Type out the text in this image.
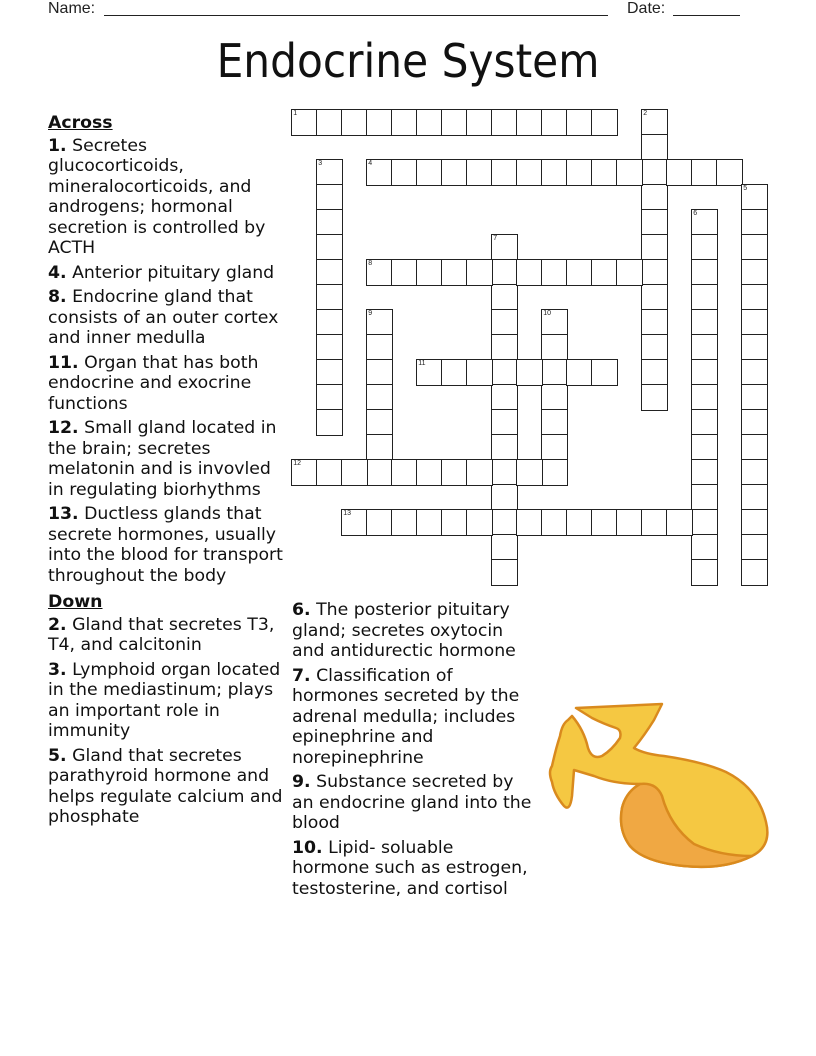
Name:	Date:
Endocrine System
Across
1. Secretes glucocorticoids, mineralocorticoids, and androgens; hormonal secretion is controlled by ACTH
4. Anterior pituitary gland
8. Endocrine gland that consists of an outer cortex and inner medulla
11. Organ that has both endocrine and exocrine functions
12. Small gland located in the brain; secretes melatonin and is invovled in regulating biorhythms
13. Ductless glands that secrete hormones, usually into the blood for transport throughout the body
Down
2. Gland that secretes T3, T4, and calcitonin
3. Lymphoid organ located in the mediastinum; plays an important role in immunity
5. Gland that secretes parathyroid hormone and helps regulate calcium and phosphate
6. The posterior pituitary gland; secretes oxytocin and antidurectic hormone
7. Classification of hormones secreted by the adrenal medulla; includes epinephrine and norepinephrine
9. Substance secreted by an endocrine gland into the blood
10. Lipid- soluable hormone such as estrogen, testosterine, and cortisol
1	2
3	4
5
6
7
8
9	10
11
12
13
